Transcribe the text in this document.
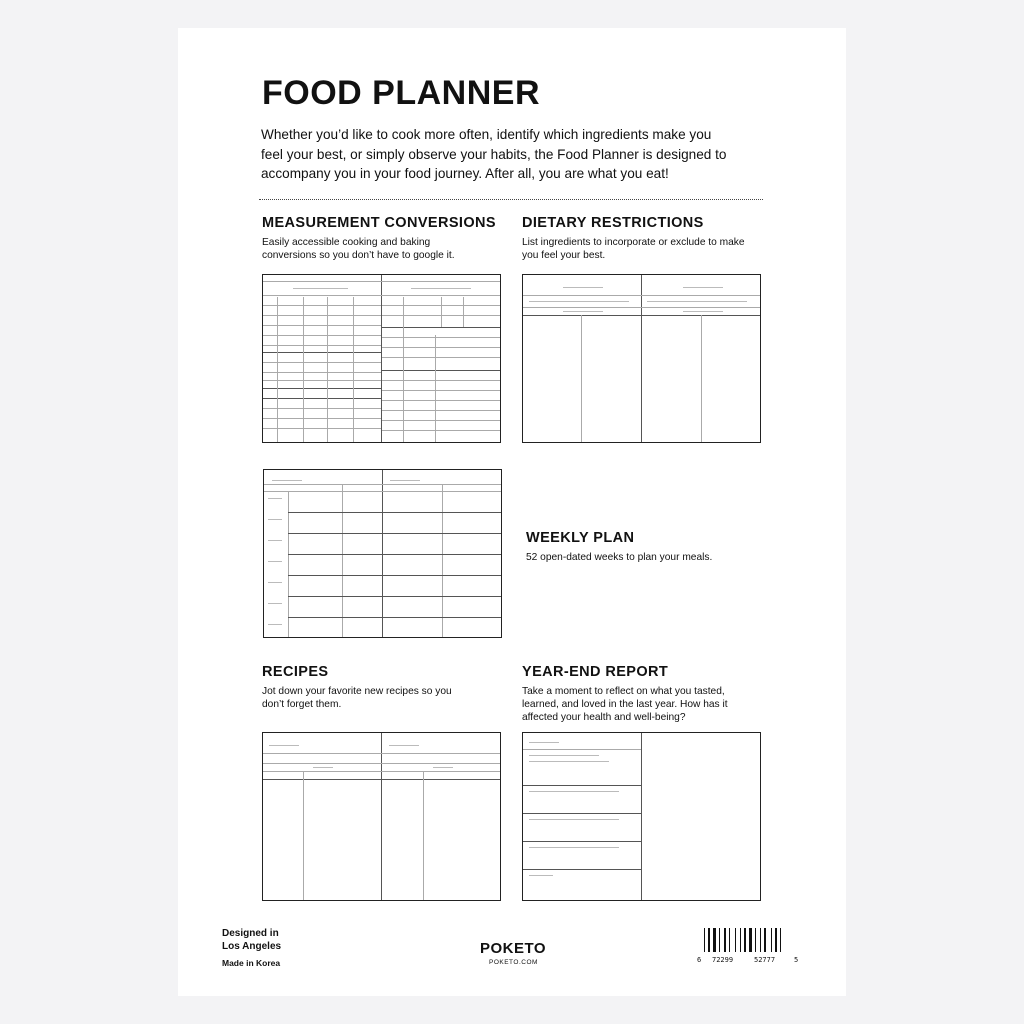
FOOD PLANNER
Whether you’d like to cook more often, identify which ingredients make you feel your best, or simply observe your habits, the Food Planner is designed to accompany you in your food journey. After all, you are what you eat!
MEASUREMENT CONVERSIONS
Easily accessible cooking and baking conversions so you don’t have to google it.
DIETARY RESTRICTIONS
List ingredients to incorporate or exclude to make you feel your best.
WEEKLY PLAN
52 open-dated weeks to plan your meals.
RECIPES
Jot down your favorite new recipes so you don’t forget them.
YEAR-END REPORT
Take a moment to reflect on what you tasted, learned, and loved in the last year. How has it affected your health and well-being?
Designed in
Los Angeles
Made in Korea
POKETO
POKETO.COM	6 72299	52777	5
